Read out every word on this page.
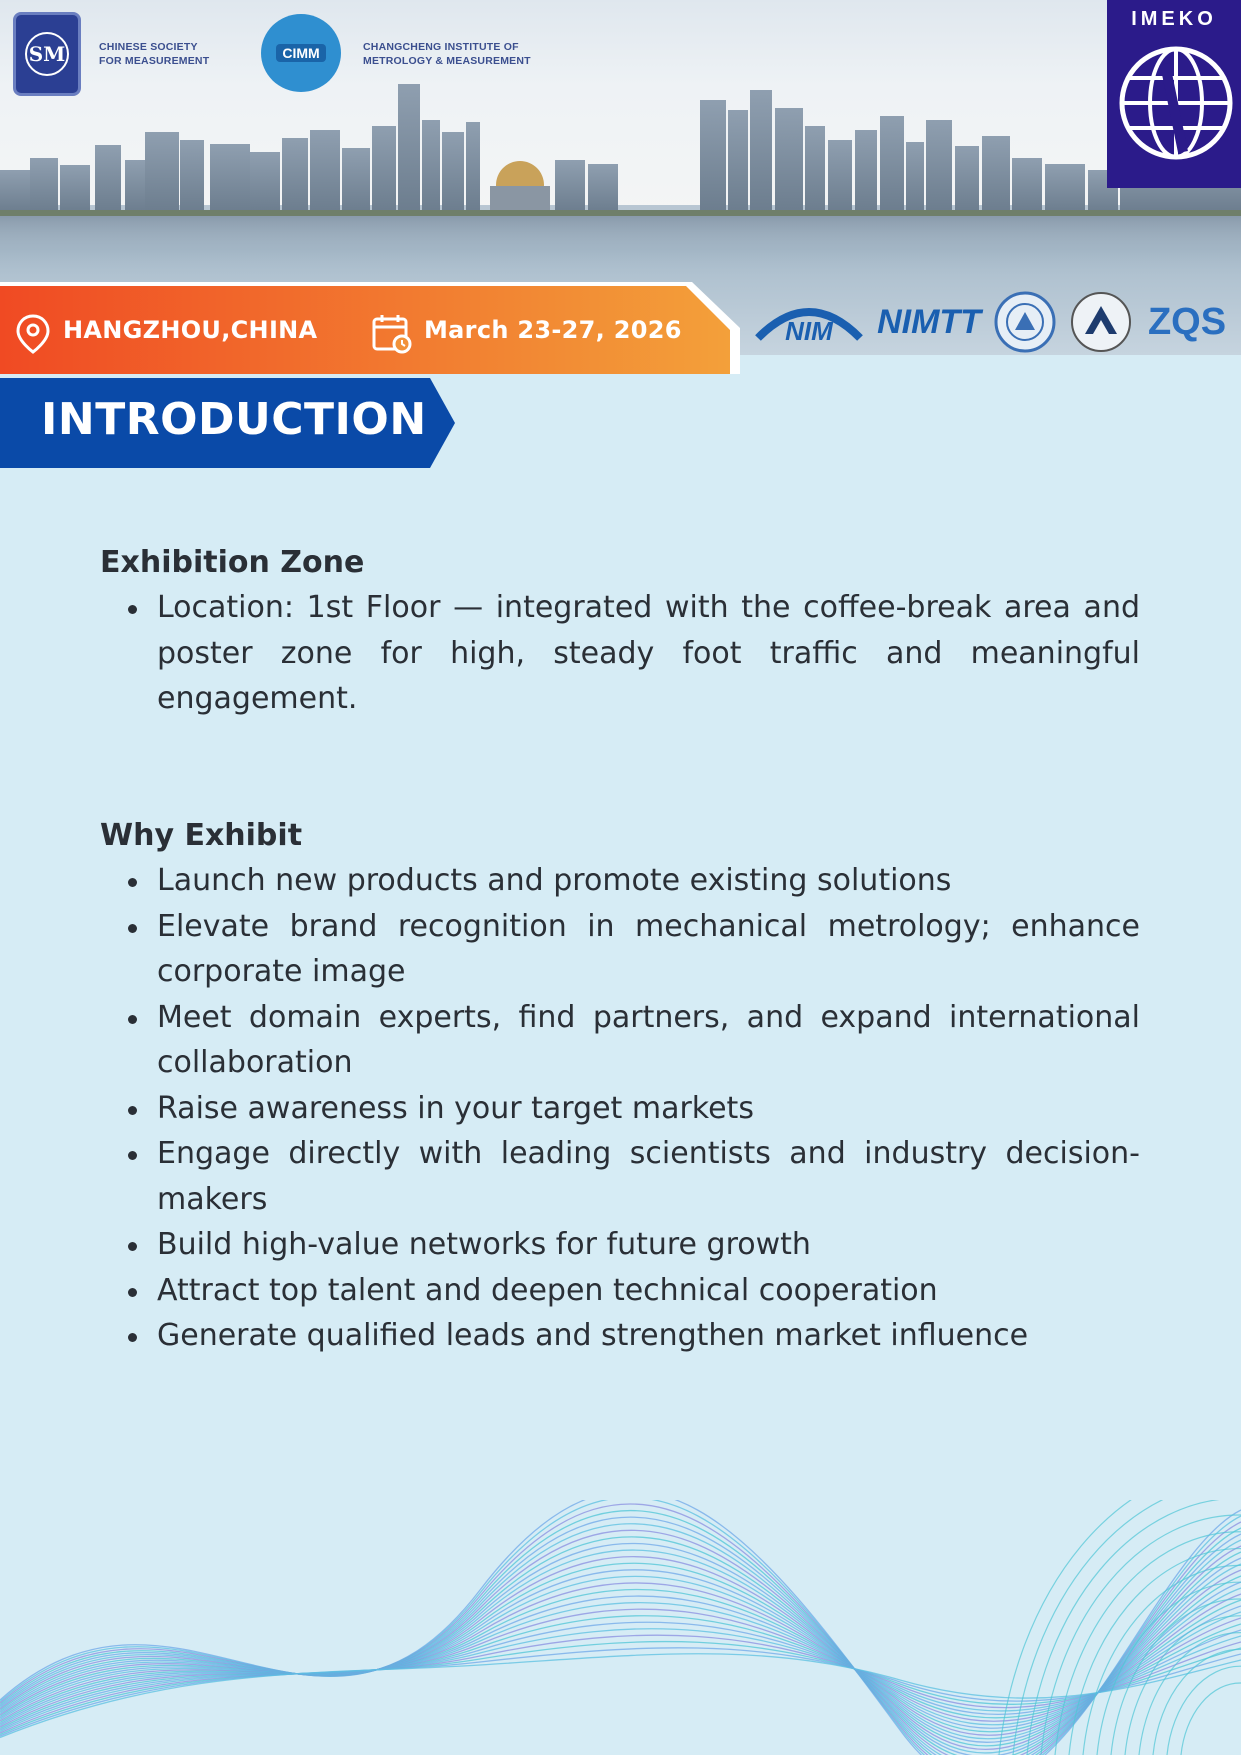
SM	CHINESE SOCIETY
FOR MEASUREMENT	CIMM	CHANGCHENG INSTITUTE OF
METROLOGY & MEASUREMENT
IMEKO
HANGZHOU,CHINA	March 23-27, 2026	NIM NIMTT	ZQS
INTRODUCTION
Exhibition Zone
Location: 1st Floor — integrated with the coffee-break area and poster zone for high, steady foot traffic and meaningful engagement.
Why Exhibit
Launch new products and promote existing solutions
Elevate brand recognition in mechanical metrology; enhance corporate image
Meet domain experts, find partners, and expand international collaboration
Raise awareness in your target markets
Engage directly with leading scientists and industry decision-makers
Build high-value networks for future growth
Attract top talent and deepen technical cooperation
Generate qualified leads and strengthen market influence
